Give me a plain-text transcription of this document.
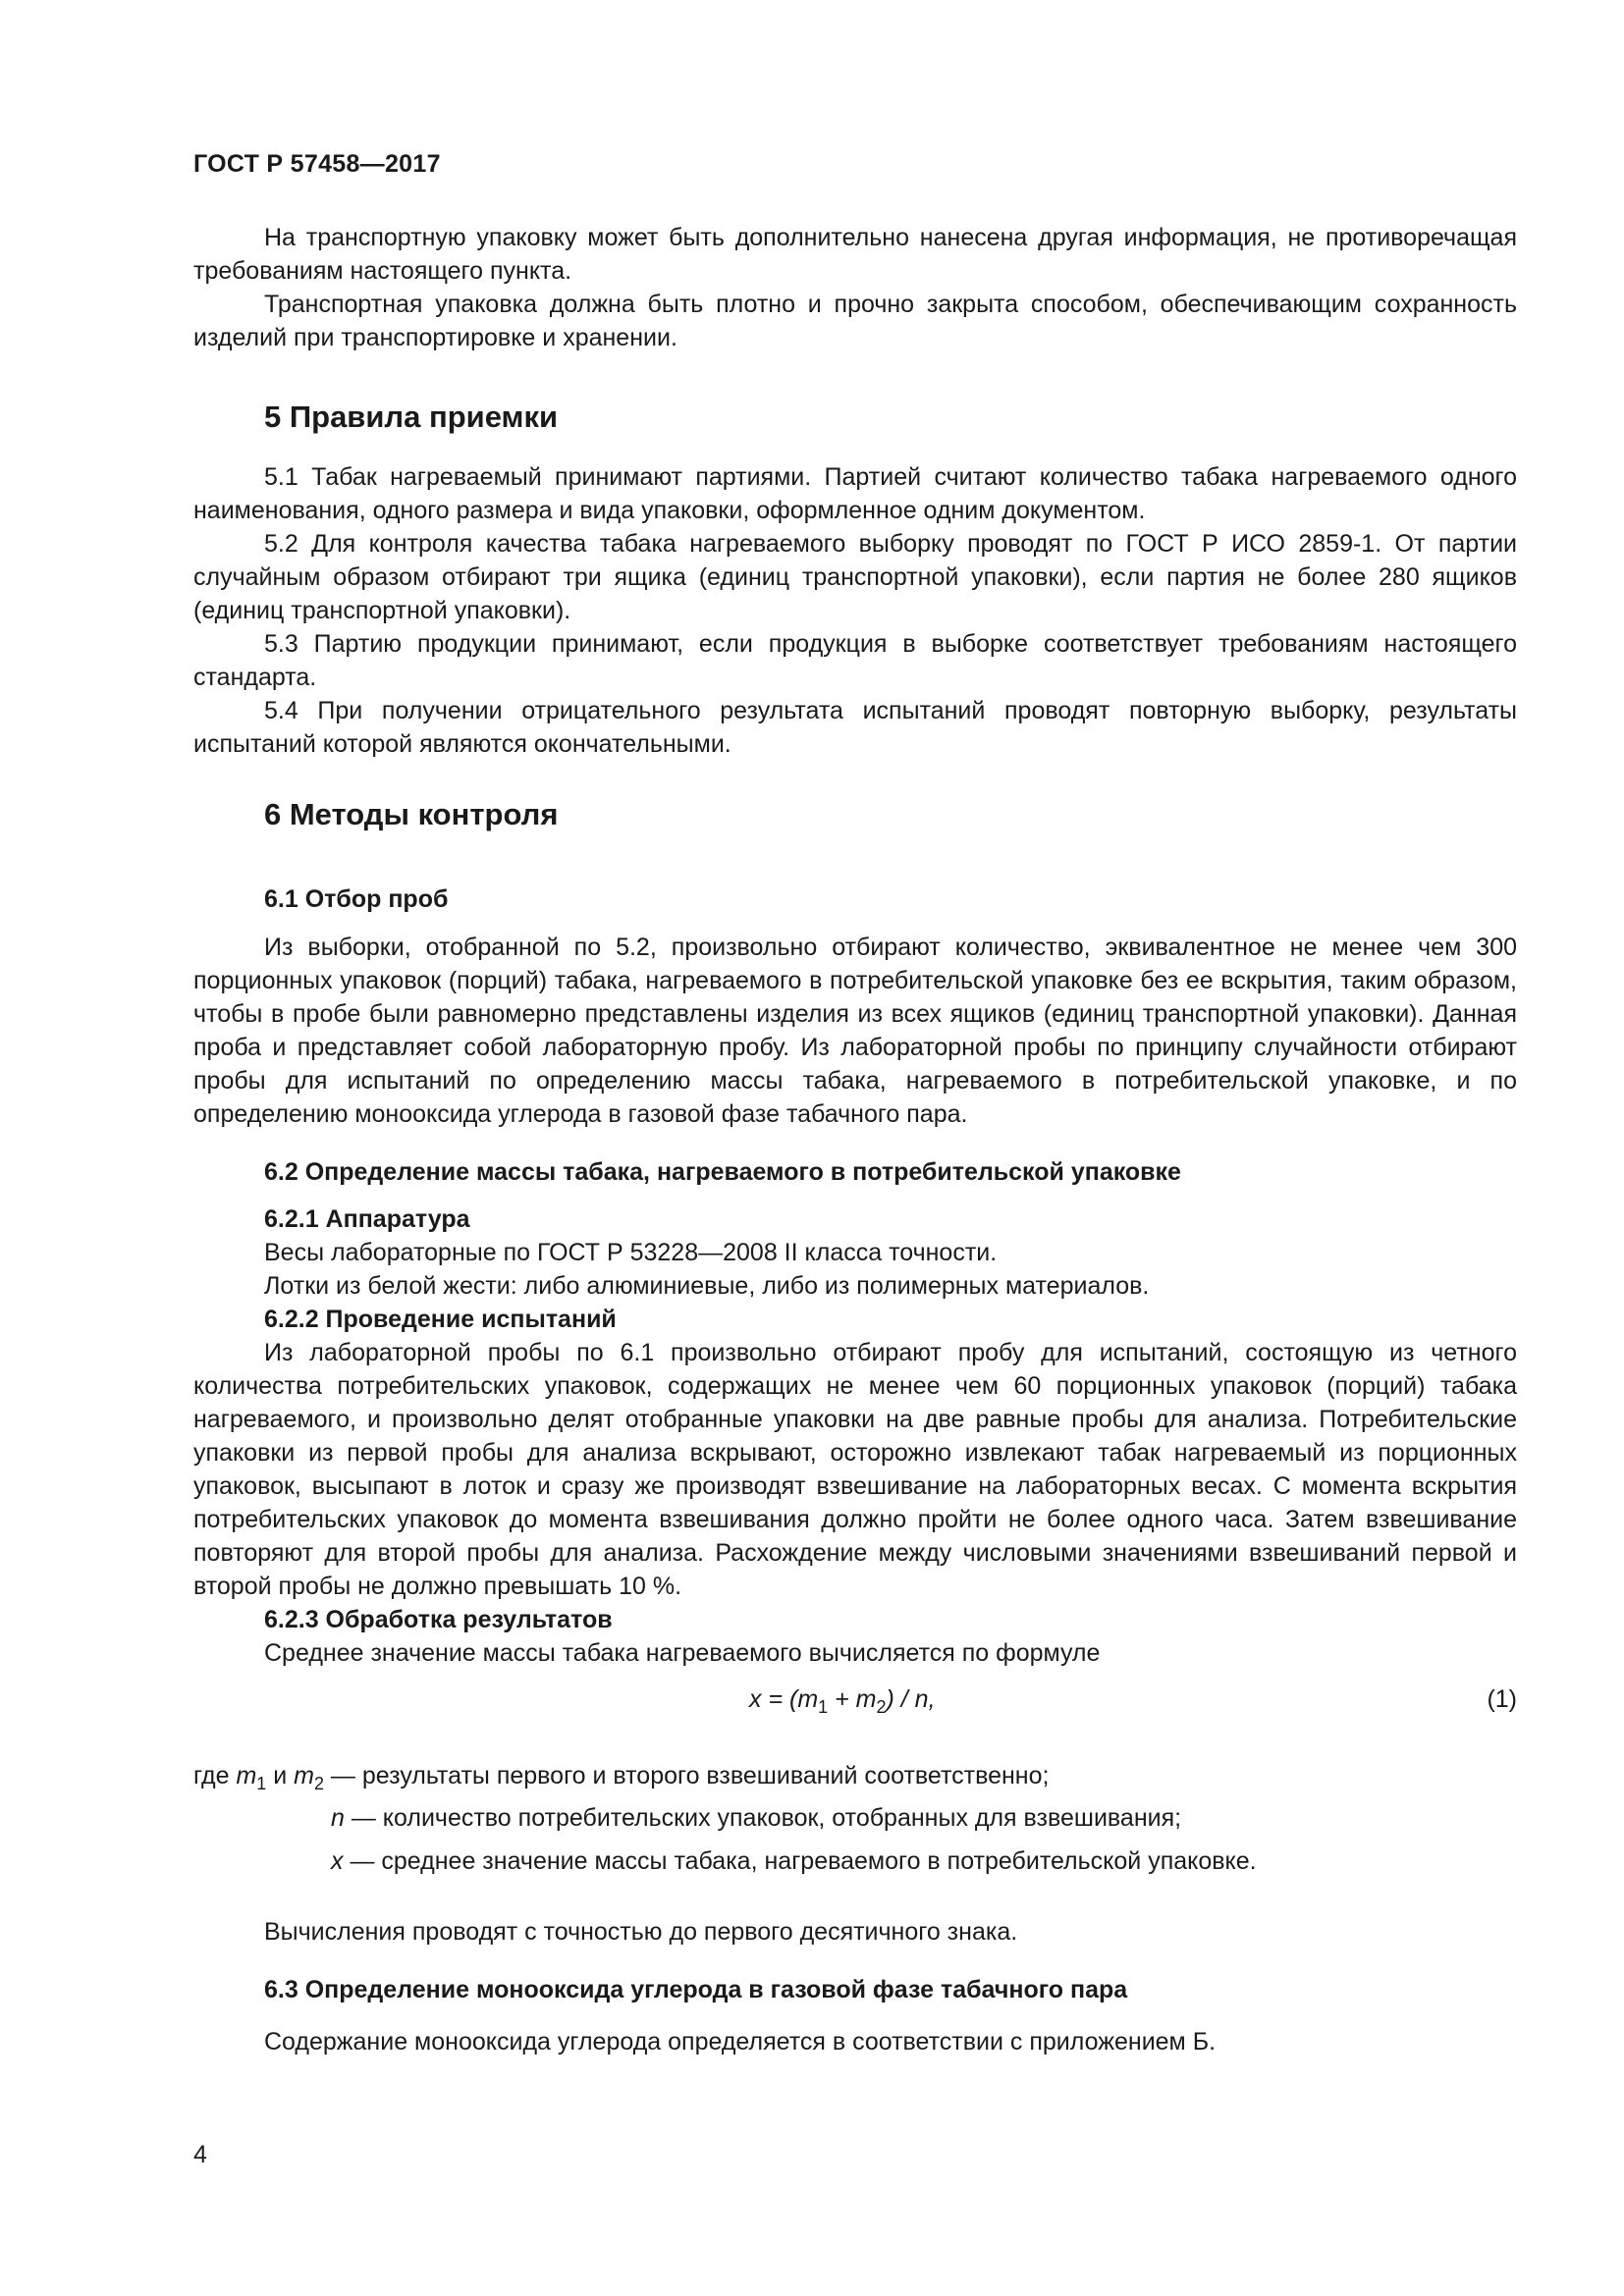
ГОСТ Р 57458—2017

На транспортную упаковку может быть дополнительно нанесена другая информация, не противоречащая требованиям настоящего пункта.

Транспортная упаковка должна быть плотно и прочно закрыта способом, обеспечивающим сохранность изделий при транспортировке и хранении.

5 Правила приемки

5.1 Табак нагреваемый принимают партиями. Партией считают количество табака нагреваемого одного наименования, одного размера и вида упаковки, оформленное одним документом.

5.2 Для контроля качества табака нагреваемого выборку проводят по ГОСТ Р ИСО 2859-1. От партии случайным образом отбирают три ящика (единиц транспортной упаковки), если партия не более 280 ящиков (единиц транспортной упаковки).

5.3 Партию продукции принимают, если продукция в выборке соответствует требованиям настоящего стандарта.

5.4 При получении отрицательного результата испытаний проводят повторную выборку, результаты испытаний которой являются окончательными.

6 Методы контроля
6.1 Отбор проб

Из выборки, отобранной по 5.2, произвольно отбирают количество, эквивалентное не менее чем 300 порционных упаковок (порций) табака, нагреваемого в потребительской упаковке без ее вскрытия, таким образом, чтобы в пробе были равномерно представлены изделия из всех ящиков (единиц транспортной упаковки). Данная проба и представляет собой лабораторную пробу. Из лабораторной пробы по принципу случайности отбирают пробы для испытаний по определению массы табака, нагреваемого в потребительской упаковке, и по определению монооксида углерода в газовой фазе табачного пара.

6.2 Определение массы табака, нагреваемого в потребительской упаковке

6.2.1 Аппаратура

Весы лабораторные по ГОСТ Р 53228—2008 II класса точности.

Лотки из белой жести: либо алюминиевые, либо из полимерных материалов.

6.2.2 Проведение испытаний

Из лабораторной пробы по 6.1 произвольно отбирают пробу для испытаний, состоящую из четного количества потребительских упаковок, содержащих не менее чем 60 порционных упаковок (порций) табака нагреваемого, и произвольно делят отобранные упаковки на две равные пробы для анализа. Потребительские упаковки из первой пробы для анализа вскрывают, осторожно извлекают табак нагреваемый из порционных упаковок, высыпают в лоток и сразу же производят взвешивание на лабораторных весах. С момента вскрытия потребительских упаковок до момента взвешивания должно пройти не более одного часа. Затем взвешивание повторяют для второй пробы для анализа. Расхождение между числовыми значениями взвешиваний первой и второй пробы не должно превышать 10 %.

6.2.3 Обработка результатов

Среднее значение массы табака нагреваемого вычисляется по формуле

$x = (m_1 + m_2) / n$,	(1)
где $m_1$ и $m_2$ — результаты первого и второго взвешиваний соответственно;
n — количество потребительских упаковок, отобранных для взвешивания;
x — среднее значение массы табака, нагреваемого в потребительской упаковке.

Вычисления проводят с точностью до первого десятичного знака.

6.3 Определение монооксида углерода в газовой фазе табачного пара

Содержание монооксида углерода определяется в соответствии с приложением Б.

4
